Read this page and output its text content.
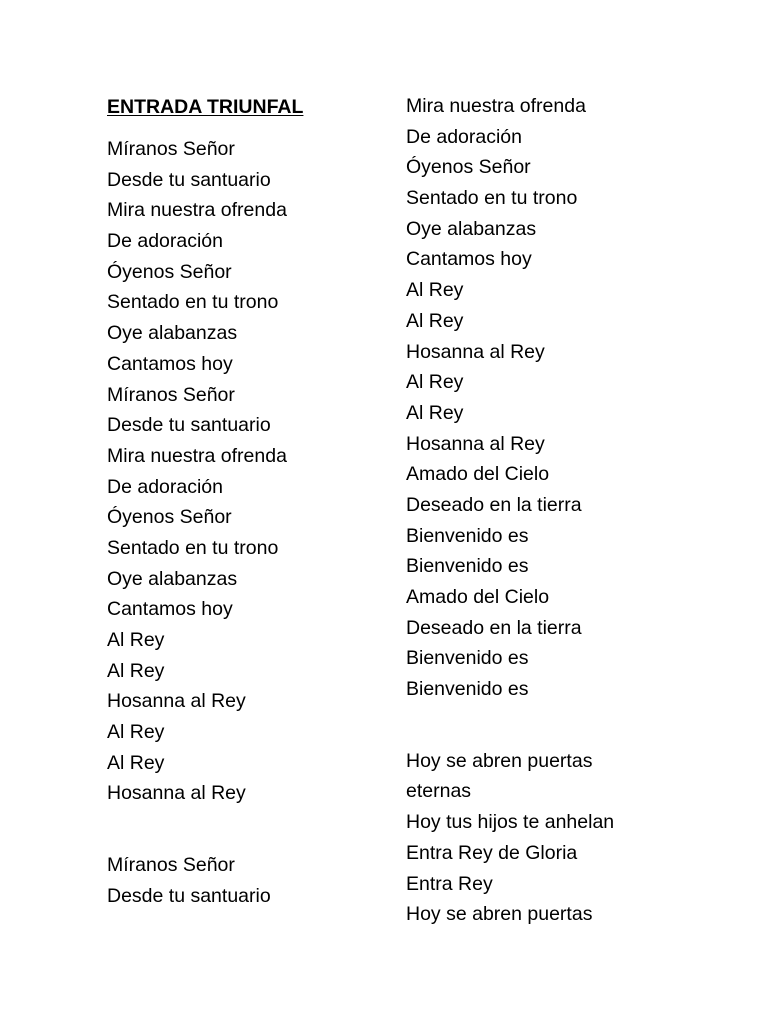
ENTRADA TRIUNFAL
Míranos Señor
Desde tu santuario
Mira nuestra ofrenda
De adoración
Óyenos Señor
Sentado en tu trono
Oye alabanzas
Cantamos hoy
Míranos Señor
Desde tu santuario
Mira nuestra ofrenda
De adoración
Óyenos Señor
Sentado en tu trono
Oye alabanzas
Cantamos hoy
Al Rey
Al Rey
Hosanna al Rey
Al Rey
Al Rey
Hosanna al Rey
Míranos Señor
Desde tu santuario
Mira nuestra ofrenda
De adoración
Óyenos Señor
Sentado en tu trono
Oye alabanzas
Cantamos hoy
Al Rey
Al Rey
Hosanna al Rey
Al Rey
Al Rey
Hosanna al Rey
Amado del Cielo
Deseado en la tierra
Bienvenido es
Bienvenido es
Amado del Cielo
Deseado en la tierra
Bienvenido es
Bienvenido es
Hoy se abren puertas
eternas
Hoy tus hijos te anhelan
Entra Rey de Gloria
Entra Rey
Hoy se abren puertas
